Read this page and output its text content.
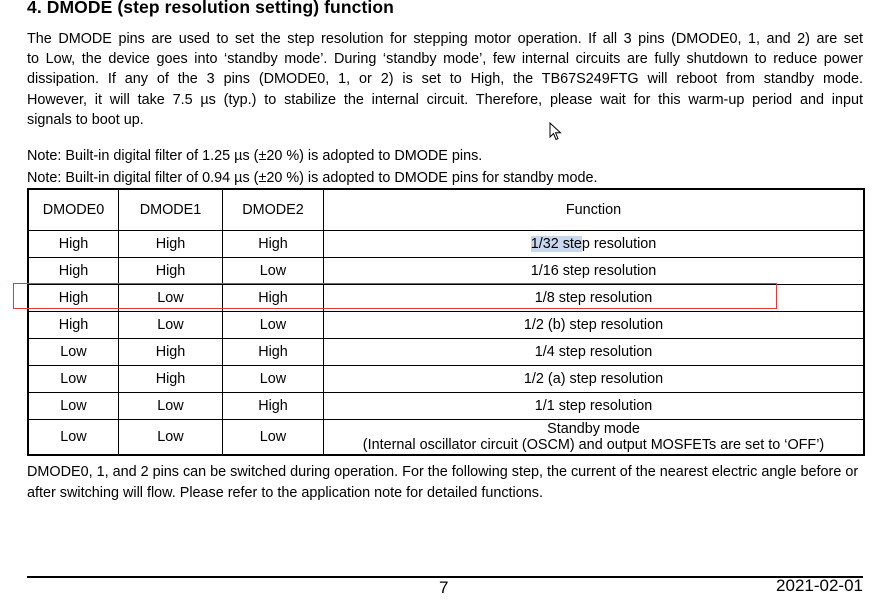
4. DMODE (step resolution setting) function
The DMODE pins are used to set the step resolution for stepping motor operation. If all 3 pins (DMODE0, 1, and 2) are set
to Low, the device goes into ‘standby mode’. During ‘standby mode’, few internal circuits are fully shutdown to reduce power
dissipation. If any of the 3 pins (DMODE0, 1, or 2) is set to High, the TB67S249FTG will reboot from standby mode.
However, it will take 7.5 µs (typ.) to stabilize the internal circuit. Therefore, please wait for this warm-up period and input
signals to boot up.

Note: Built-in digital filter of 1.25 µs (±20 %) is adopted to DMODE pins.

Note: Built-in digital filter of 0.94 µs (±20 %) is adopted to DMODE pins for standby mode.

DMODE0	DMODE1	DMODE2	Function
High	High	High	1/32 step resolution
High	High	Low	1/16 step resolution
High	Low	High	1/8 step resolution
High	Low	Low	1/2 (b) step resolution
Low	High	High	1/4 step resolution
Low	High	Low	1/2 (a) step resolution
Low	Low	High	1/1 step resolution
Low	Low	Low	Standby mode
(Internal oscillator circuit (OSCM) and output MOSFETs are set to ‘OFF’)

DMODE0, 1, and 2 pins can be switched during operation. For the following step, the current of the nearest electric angle before or after switching will flow. Please refer to the application note for detailed functions.

7	2021-02-01
